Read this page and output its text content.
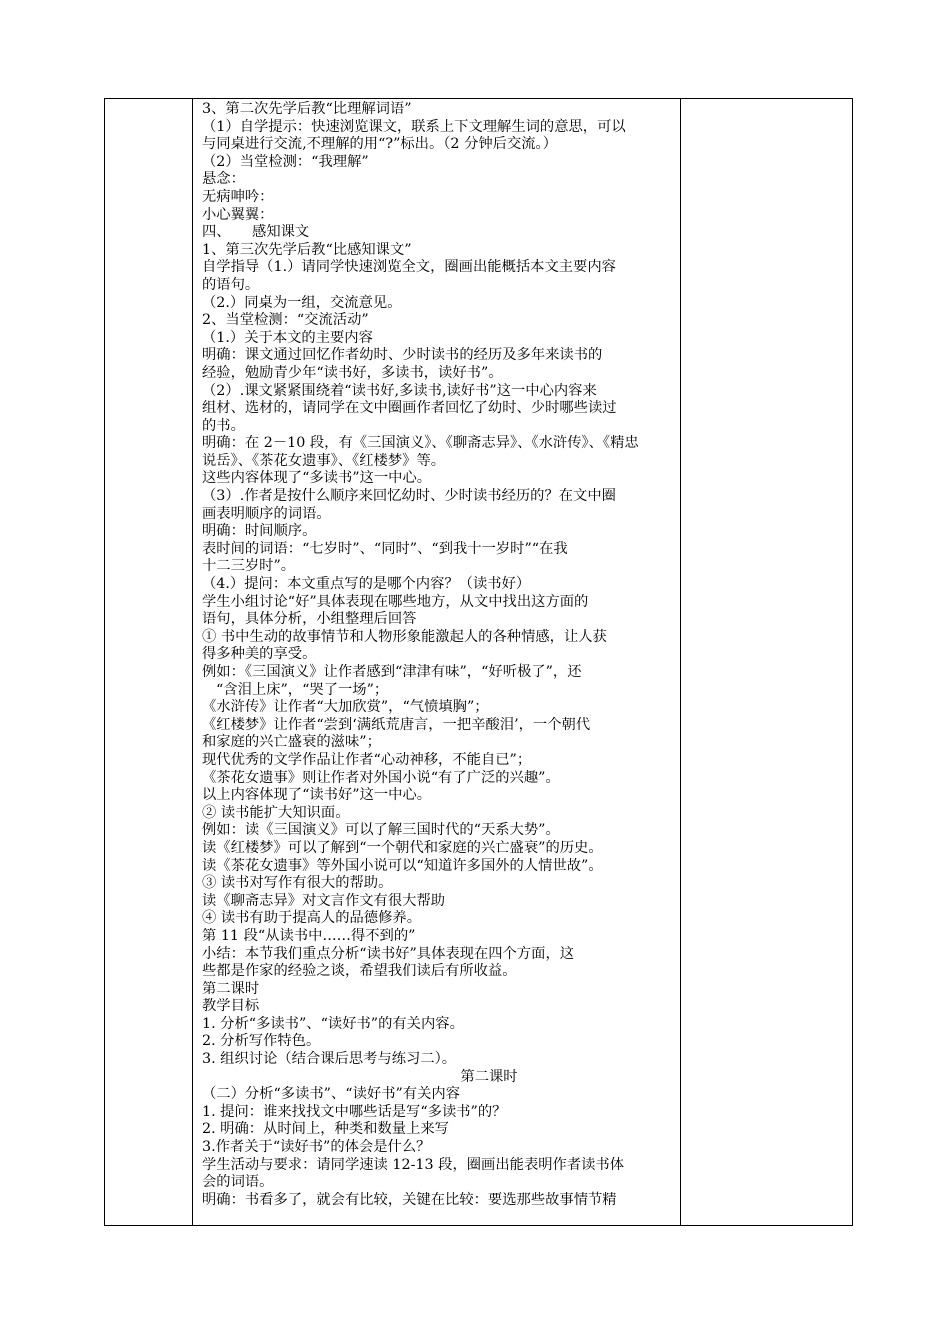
3、第二次先学后教“比理解词语”
（1）自学提示：快速浏览课文，联系上下文理解生词的意思，可以
与同桌进行交流,不理解的用“?”标出。（2 分钟后交流。）
（2）当堂检测：“我理解”
悬念：
无病呻吟：
小心翼翼：
四、　　感知课文
1、第三次先学后教“比感知课文”
自学指导（1.）请同学快速浏览全文，圈画出能概括本文主要内容
的语句。
（2.）同桌为一组，交流意见。
2、当堂检测：“交流活动”
（1.）关于本文的主要内容
明确：课文通过回忆作者幼时、少时读书的经历及多年来读书的
经验，勉励青少年“读书好，多读书，读好书”。
（2）.课文紧紧围绕着“读书好,多读书,读好书”这一中心内容来
组材、选材的，请同学在文中圈画作者回忆了幼时、少时哪些读过
的书。
明确：在 2－10 段，有《三国演义》、《聊斋志异》、《水浒传》、《精忠
说岳》、《茶花女遗事》、《红楼梦》等。
这些内容体现了“多读书”这一中心。
（3）.作者是按什么顺序来回忆幼时、少时读书经历的？在文中圈
画表明顺序的词语。
明确：时间顺序。
表时间的词语：“七岁时”、“同时”、“到我十一岁时”“在我
十二三岁时”。
（4.）提问：本文重点写的是哪个内容？（读书好）
学生小组讨论“好”具体表现在哪些地方，从文中找出这方面的
语句，具体分析，小组整理后回答
① 书中生动的故事情节和人物形象能激起人的各种情感，让人获
得多种美的享受。
例如：《三国演义》让作者感到“津津有味”，“好听极了”，还
“含泪上床”，“哭了一场”；
《水浒传》让作者“大加欣赏”，“气愤填胸”；
《红楼梦》让作者“尝到‘满纸荒唐言，一把辛酸泪’，一个朝代
和家庭的兴亡盛衰的滋味”；
现代优秀的文学作品让作者“心动神移，不能自已”；
《茶花女遗事》则让作者对外国小说“有了广泛的兴趣”。
以上内容体现了“读书好”这一中心。
② 读书能扩大知识面。
例如：读《三国演义》可以了解三国时代的“天系大势”。
读《红楼梦》可以了解到“一个朝代和家庭的兴亡盛衰”的历史。
读《茶花女遗事》等外国小说可以“知道许多国外的人情世故”。
③ 读书对写作有很大的帮助。
读《聊斋志异》对文言作文有很大帮助
④ 读书有助于提高人的品德修养。
第 11 段“从读书中……得不到的”
小结：本节我们重点分析“读书好”具体表现在四个方面，这
些都是作家的经验之谈，希望我们读后有所收益。
第二课时
教学目标
1. 分析“多读书”、“读好书”的有关内容。
2. 分析写作特色。
3. 组织讨论（结合课后思考与练习二）。
第二课时
（二）分析“多读书”、“读好书”有关内容
1. 提问：谁来找找文中哪些话是写“多读书”的？
2. 明确：从时间上，种类和数量上来写
3.作者关于“读好书”的体会是什么？
学生活动与要求：请同学速读 12-13 段，圈画出能表明作者读书体
会的词语。
明确：书看多了，就会有比较，关键在比较：要选那些故事情节精
